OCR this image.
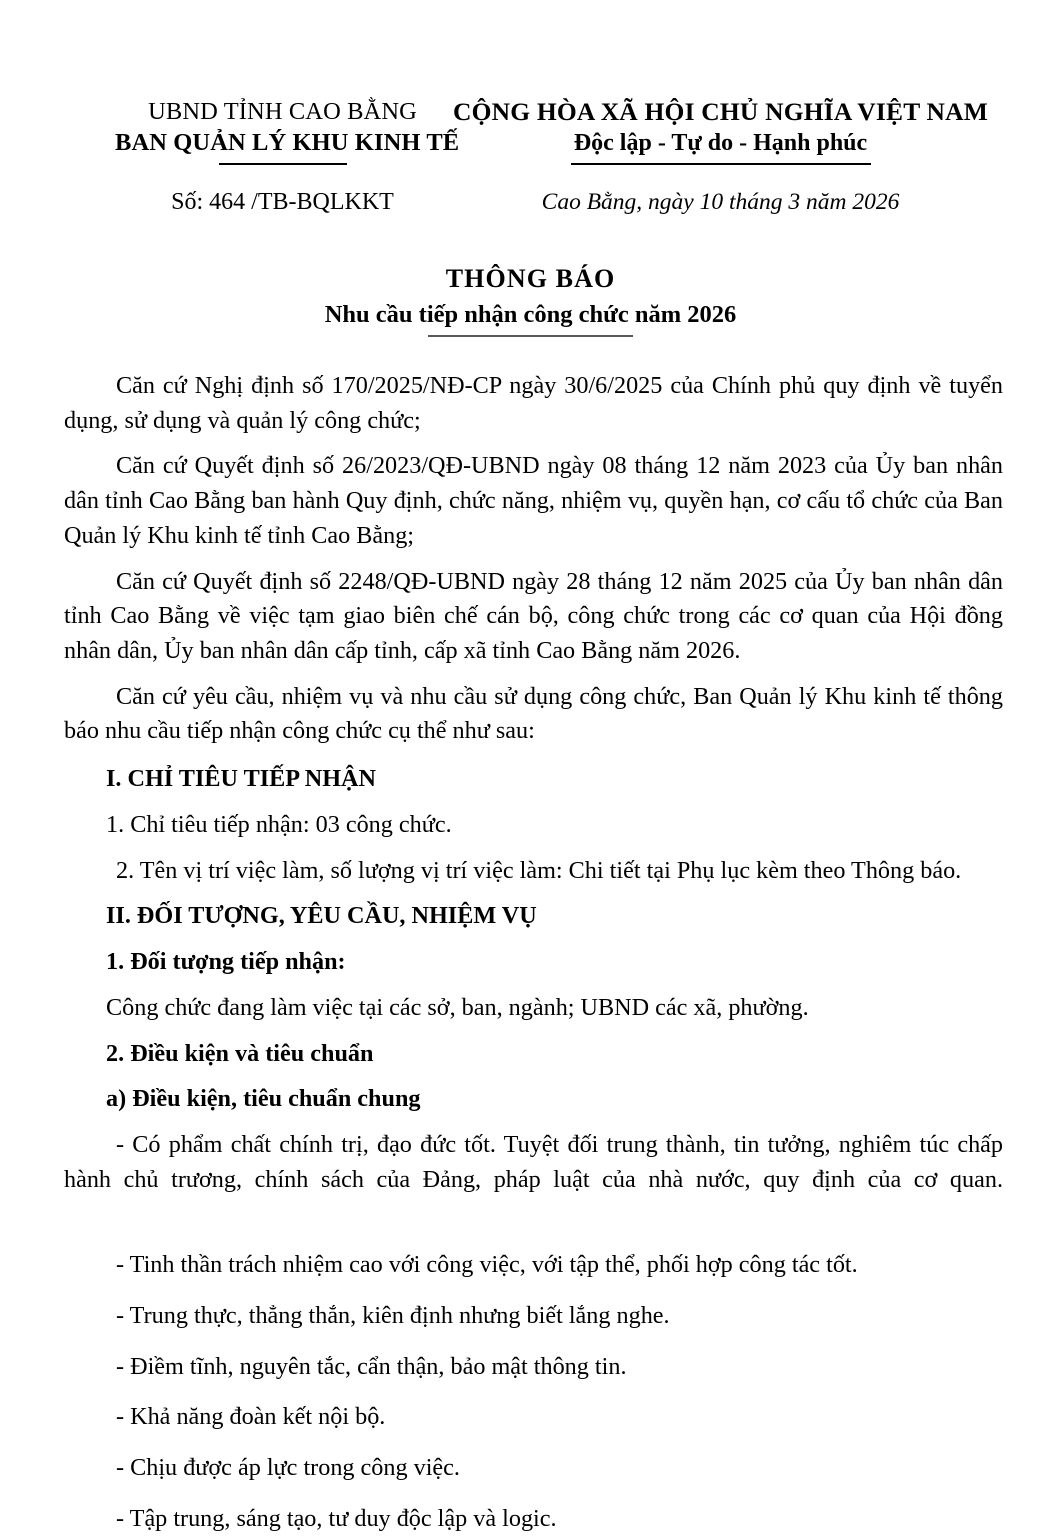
UBND TỈNH CAO BẰNG
BAN QUẢN LÝ KHU KINH TẾ
CỘNG HÒA XÃ HỘI CHỦ NGHĨA VIỆT NAM
Độc lập - Tự do - Hạnh phúc
Số: 464 /TB-BQLKKT	Cao Bằng, ngày 10 tháng 3 năm 2026
THÔNG BÁO
Nhu cầu tiếp nhận công chức năm 2026

Căn cứ Nghị định số 170/2025/NĐ-CP ngày 30/6/2025 của Chính phủ quy định về tuyển dụng, sử dụng và quản lý công chức;

Căn cứ Quyết định số 26/2023/QĐ-UBND ngày 08 tháng 12 năm 2023 của Ủy ban nhân dân tỉnh Cao Bằng ban hành Quy định, chức năng, nhiệm vụ, quyền hạn, cơ cấu tổ chức của Ban Quản lý Khu kinh tế tỉnh Cao Bằng;

Căn cứ Quyết định số 2248/QĐ-UBND ngày 28 tháng 12 năm 2025 của Ủy ban nhân dân tỉnh Cao Bằng về việc tạm giao biên chế cán bộ, công chức trong các cơ quan của Hội đồng nhân dân, Ủy ban nhân dân cấp tỉnh, cấp xã tỉnh Cao Bằng năm 2026.

Căn cứ yêu cầu, nhiệm vụ và nhu cầu sử dụng công chức, Ban Quản lý Khu kinh tế thông báo nhu cầu tiếp nhận công chức cụ thể như sau:

I. CHỈ TIÊU TIẾP NHẬN

1. Chỉ tiêu tiếp nhận: 03 công chức.

2. Tên vị trí việc làm, số lượng vị trí việc làm: Chi tiết tại Phụ lục kèm theo Thông báo.

II. ĐỐI TƯỢNG, YÊU CẦU, NHIỆM VỤ
1. Đối tượng tiếp nhận:

Công chức đang làm việc tại các sở, ban, ngành; UBND các xã, phường.

2. Điều kiện và tiêu chuẩn
a) Điều kiện, tiêu chuẩn chung

- Có phẩm chất chính trị, đạo đức tốt. Tuyệt đối trung thành, tin tưởng, nghiêm túc chấp hành chủ trương, chính sách của Đảng, pháp luật của nhà nước, quy định của cơ quan.

- Tinh thần trách nhiệm cao với công việc, với tập thể, phối hợp công tác tốt.

- Trung thực, thẳng thắn, kiên định nhưng biết lắng nghe.

- Điềm tĩnh, nguyên tắc, cẩn thận, bảo mật thông tin.

- Khả năng đoàn kết nội bộ.

- Chịu được áp lực trong công việc.

- Tập trung, sáng tạo, tư duy độc lập và logic.
